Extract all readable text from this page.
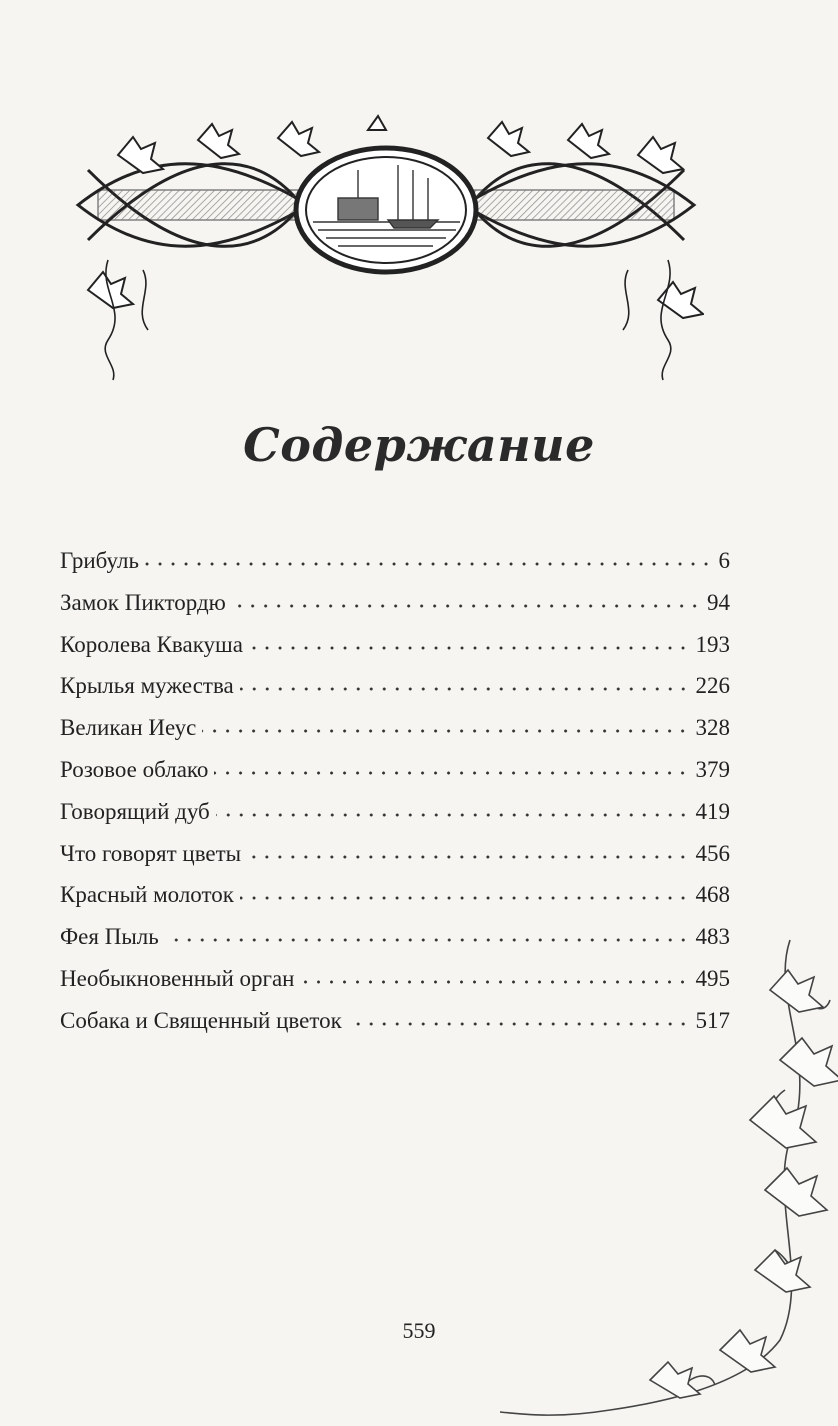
Содержание
Грибуль	6
Замок Пиктордю	94
Королева Квакуша	193
Крылья мужества	226
Великан Иеус	328
Розовое облако	379
Говорящий дуб	419
Что говорят цветы	456
Красный молоток	468
Фея Пыль	483
Необыкновенный орган	495
Собака и Священный цветок	517
559
